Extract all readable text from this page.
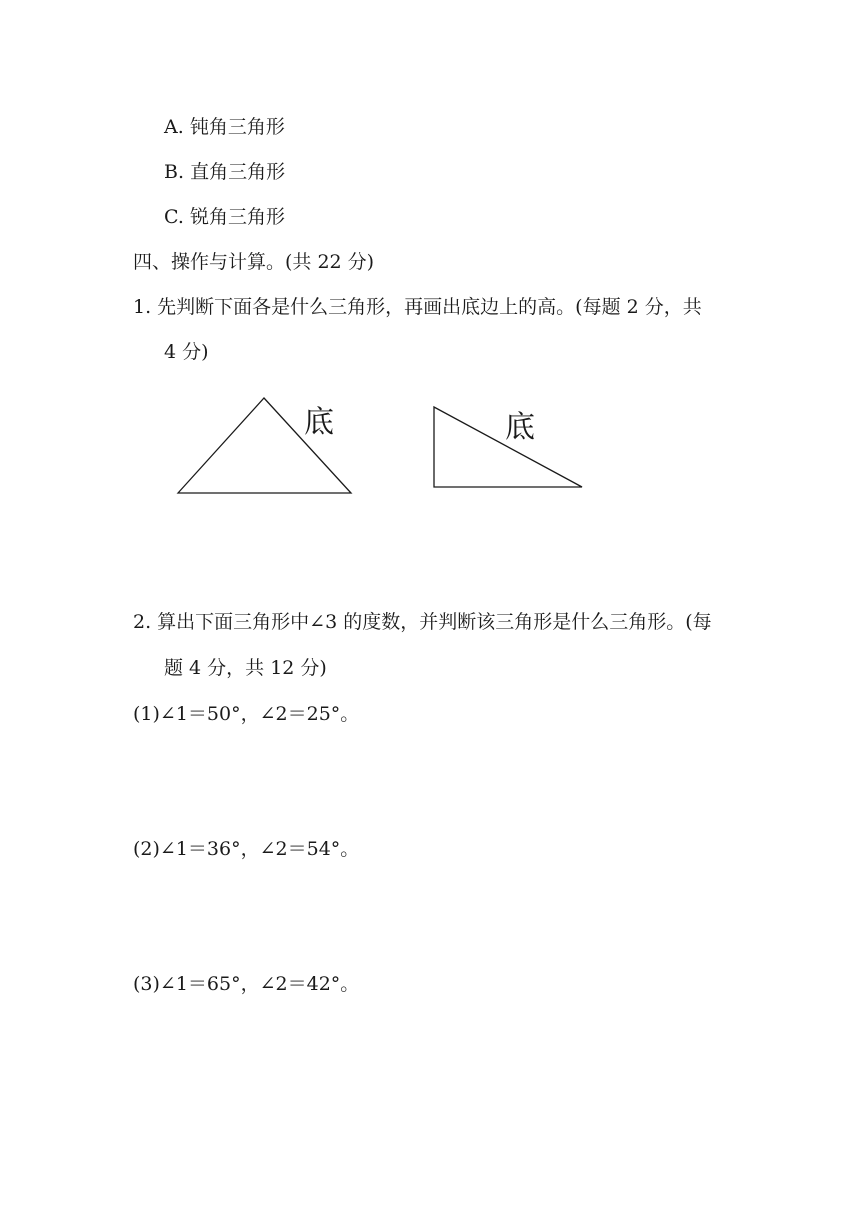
A. 钝角三角形
B. 直角三角形
C. 锐角三角形
四、操作与计算。(共 22 分)
1. 先判断下面各是什么三角形，再画出底边上的高。(每题 2 分，共
4 分)
底	底
2. 算出下面三角形中∠3 的度数，并判断该三角形是什么三角形。(每
题 4 分，共 12 分)
(1)∠1＝50°，∠2＝25°。
(2)∠1＝36°，∠2＝54°。
(3)∠1＝65°，∠2＝42°。
